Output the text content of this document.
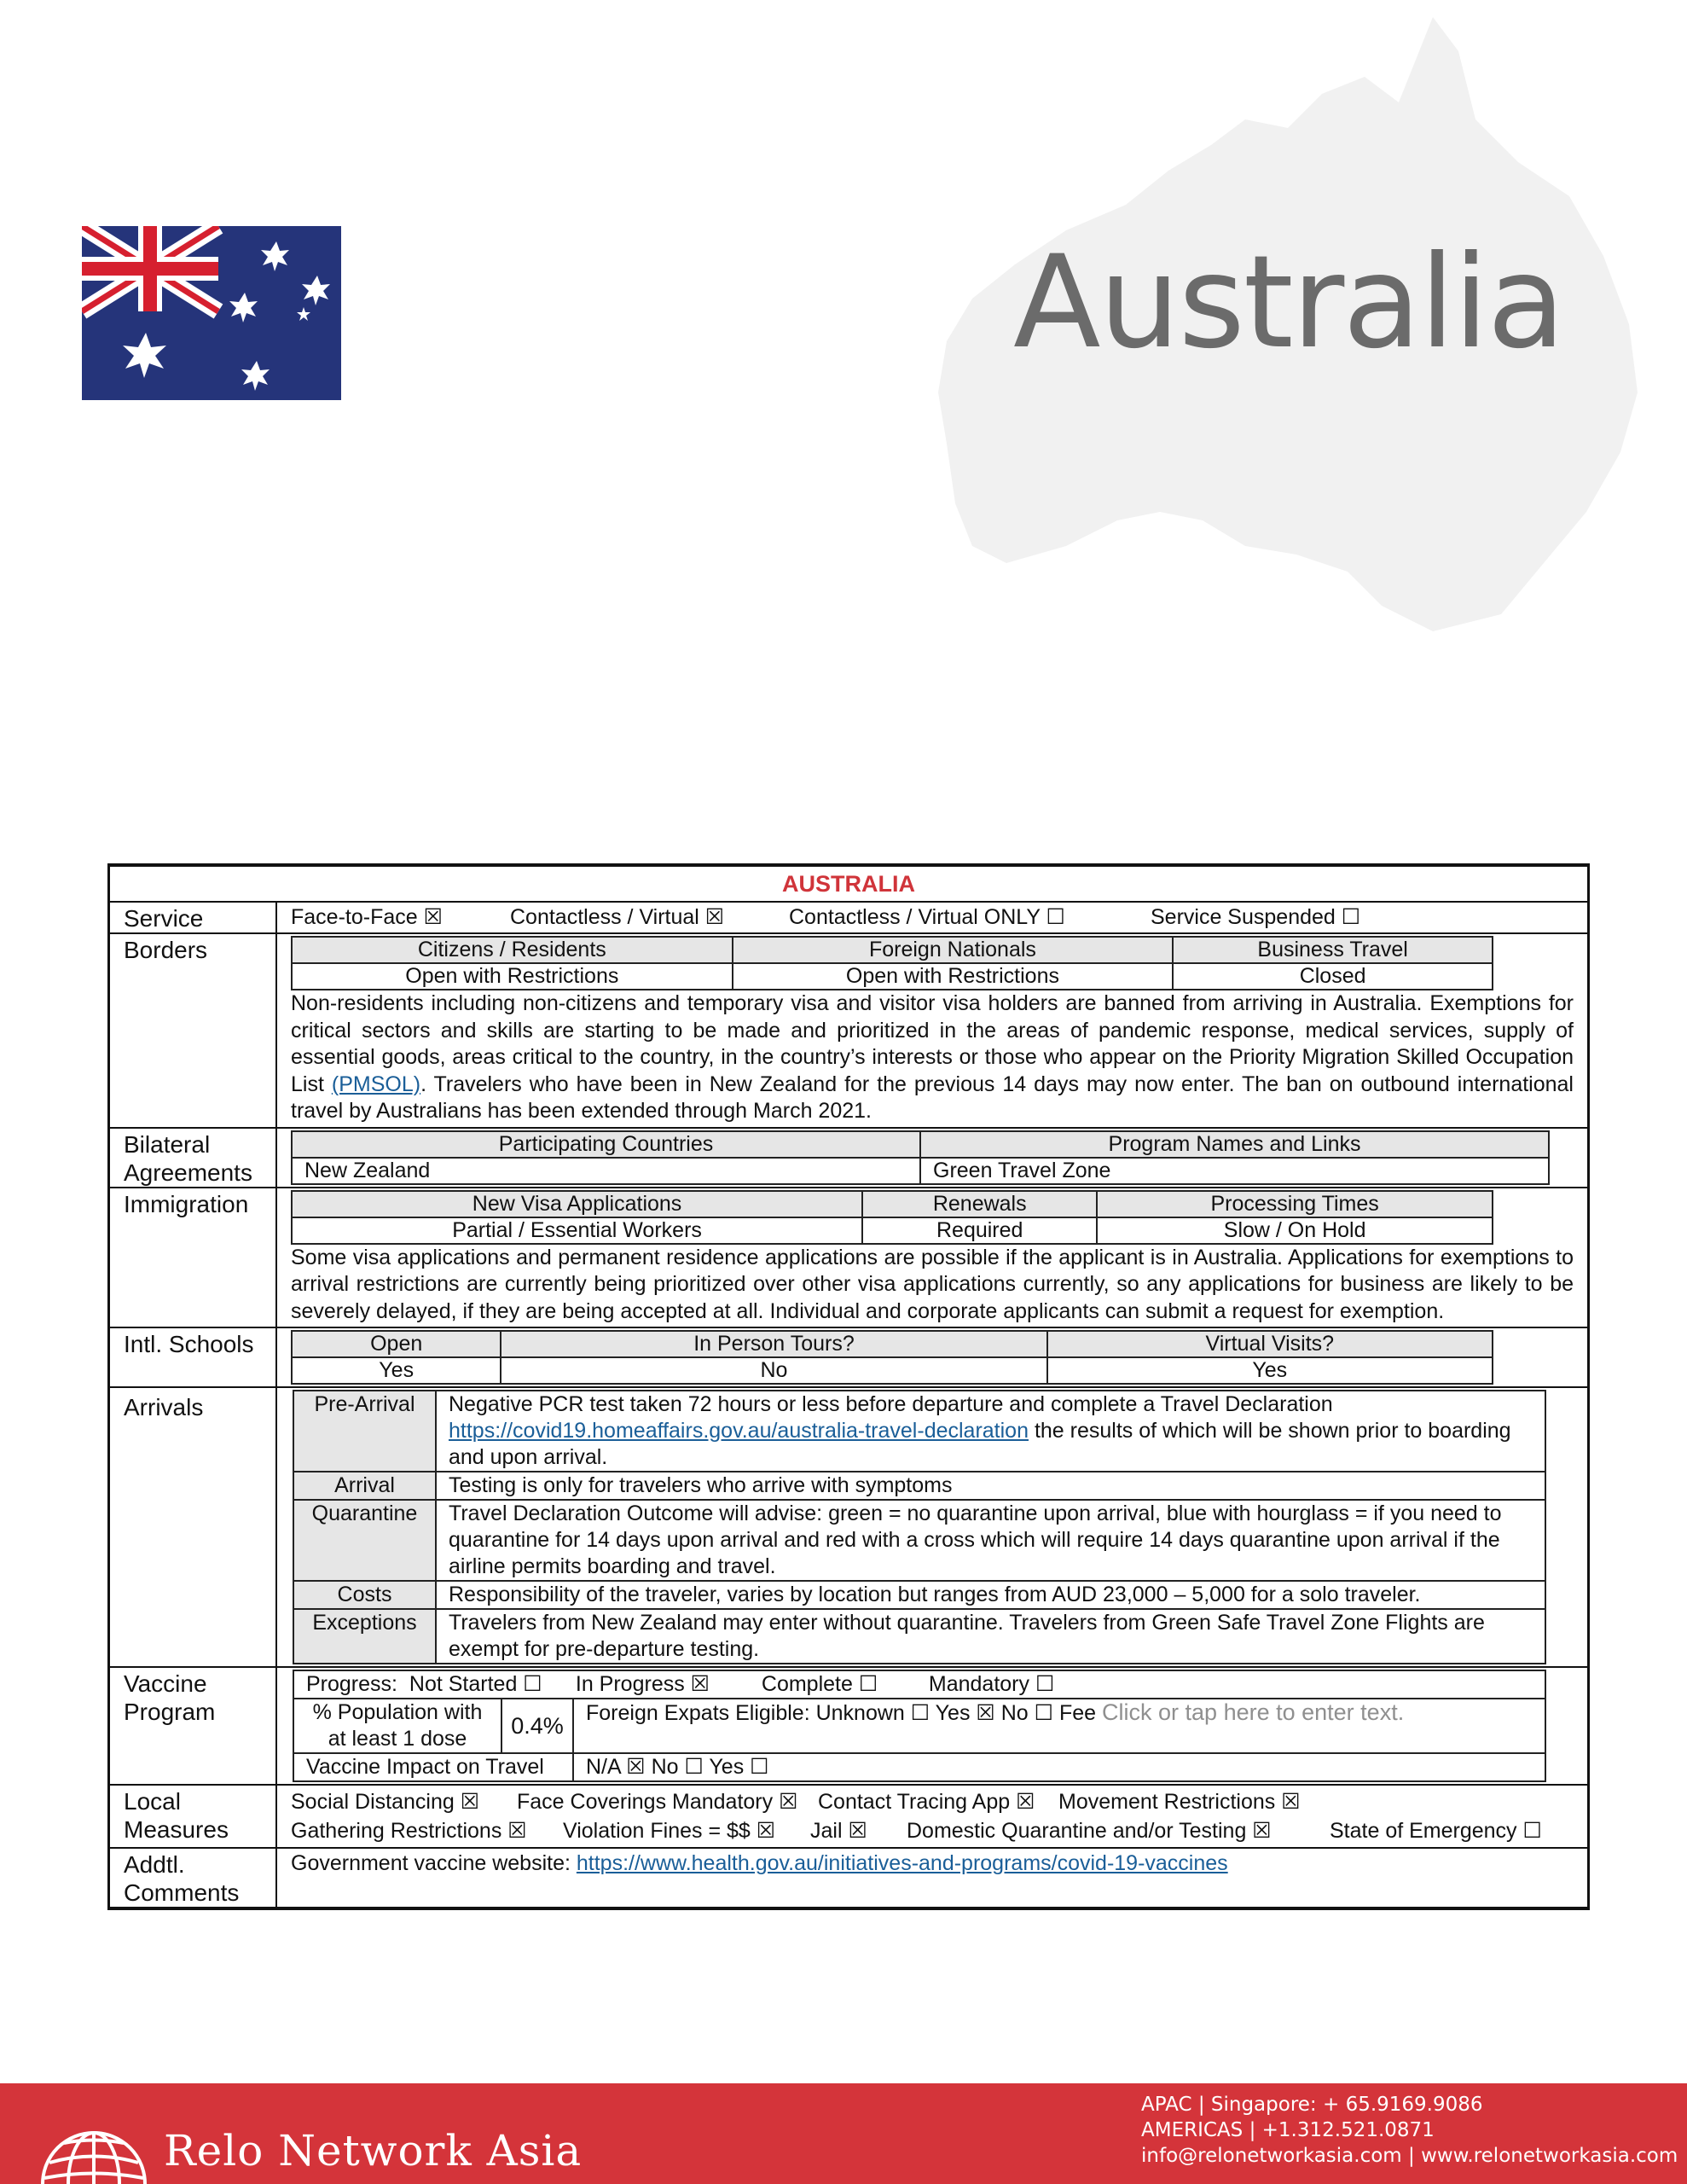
Australia
AUSTRALIA
Service	Face-to-Face ☒	Contactless / Virtual ☒	Contactless / Virtual ONLY ☐	Service Suspended ☐
Borders	Citizens / Residents	Foreign Nationals	Business Travel
Open with Restrictions	Open with Restrictions	Closed
Non-residents including non-citizens and temporary visa and visitor visa holders are banned from arriving in Australia. Exemptions for critical sectors and skills are starting to be made and prioritized in the areas of pandemic response, medical services, supply of essential goods, areas critical to the country, in the country’s interests or those who appear on the Priority Migration Skilled Occupation List (PMSOL). Travelers who have been in New Zealand for the previous 14 days may now enter. The ban on outbound international travel by Australians has been extended through March 2021.
Bilateral
Agreements
Participating Countries	Program Names and Links
New Zealand	Green Travel Zone
Immigration	New Visa Applications	Renewals	Processing Times
Partial / Essential Workers	Required	Slow / On Hold
Some visa applications and permanent residence applications are possible if the applicant is in Australia. Applications for exemptions to arrival restrictions are currently being prioritized over other visa applications currently, so any applications for business are likely to be severely delayed, if they are being accepted at all. Individual and corporate applicants can submit a request for exemption.
Intl. Schools	Open	In Person Tours?	Virtual Visits?
Yes	No	Yes
Arrivals	Pre-Arrival	Negative PCR test taken 72 hours or less before departure and complete a Travel Declaration https://covid19.homeaffairs.gov.au/australia-travel-declaration the results of which will be shown prior to boarding and upon arrival.
Arrival	Testing is only for travelers who arrive with symptoms
Quarantine	Travel Declaration Outcome will advise: green = no quarantine upon arrival, blue with hourglass = if you need to quarantine for 14 days upon arrival and red with a cross which will require 14 days quarantine upon arrival if the airline permits boarding and travel.
Costs	Responsibility of the traveler, varies by location but ranges from AUD 23,000 – 5,000 for a solo traveler.
Exceptions	Travelers from New Zealand may enter without quarantine. Travelers from Green Safe Travel Zone Flights are exempt for pre-departure testing.
Vaccine
Program
Progress: Not Started ☐ In Progress ☒ Complete ☐ Mandatory ☐		

% Population with
at least 1 dose	0.4%	Foreign Expats Eligible: Unknown ☐ Yes ☒ No ☐ Fee Click or tap here to enter text.
Vaccine Impact on Travel		N/A ☒ No ☐ Yes ☐
Local
Measures
Social Distancing ☒ Face Coverings Mandatory ☒ Contact Tracing App ☒ Movement Restrictions ☒
Gathering Restrictions ☒ Violation Fines = $$ ☒ Jail ☒ Domestic Quarantine and/or Testing ☒	State of Emergency ☐
Addtl.
Comments
Government vaccine website: https://www.health.gov.au/initiatives-and-programs/covid-19-vaccines
Relo Network Asia
APAC | Singapore: + 65.9169.9086
AMERICAS | +1.312.521.0871
info@relonetworkasia.com | www.relonetworkasia.com
